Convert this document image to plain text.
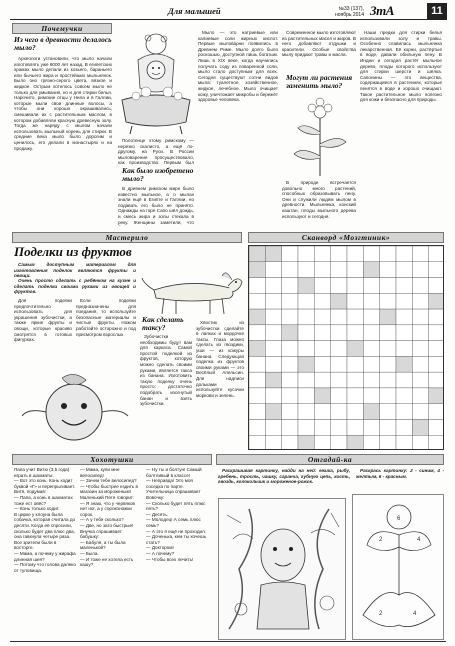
Для малышей	№33 (137), ноябрь 2014 ЗтА	11
Почемучки
Из чего в древности делалось мыло?

Археологи установили, что мыло начали изготовлять уже 6000 лет назад. В египетских храмах мыло делали из козьего, бараньего или бычьего жира и простейших мыльнянок. Было оно грязно-серого цвета, вязкое и жидкое. Острым хотелось совсем мыло не только для умывания, но и для стирки белья. Нарочито, римские отцы у Нила и в Галлии, которые мыли свои длинные волосы, а чтобы они хорошо окрашивались, смешивали их с растительным маслом, в котором добавляли красную древесную золу. Тогда же наряду с мылом начали использовать мыльный корень для стирки. В средние века мыло было дорогим и ценилось, его делали в монастырях и на продажу.

Полотенце этому римскому — нерезко скалисто, а ещё по-другому, на Руси. В России мыловарение просуществовало, как производство. Первым был

Как было изобретено мыло?

В древнем римском мире было известно мыльное, а о мылах знали ещё в Египте и Галлии, но подавать его было не принято. Однажды на горе Сапо шёл дождь, и смесь жира и золы стекала в реку. Женщины заметили, что

Мыло — это натриевые или калиевые соли жирных кислот. Первые мыловарни появились в Древнем Риме. Мыло долго было роскошью, доступной лишь богатым. Лишь в XIX веке, когда научились получать соду из поваренной соли, мыло стало доступным для всех. Сегодня существуют сотни видов мыла: туалетное, хозяйственное, жидкое, лечебное. Мыло очищает кожу, уничтожает микробы и бережёт здоровье человека.

Современное мыло изготовляют из растительных масел и жиров. В него добавляют отдушки и красители. Особые свойства мылу придают травы и масла.

Могут ли растения заменить мыло?

В природе встречается довольно много растений, способных образовывать пену. Они и служили людям мылом в древности. Мыльнянка, конский каштан, плоды мыльного дерева используют и сегодня.

Наши предки для стирки белья использовали золу и травы. Особенно славилась мыльнянка лекарственная. Её корни, растёртые в воде, давали обильную пену. В Индии и сегодня растёт мыльное дерево, плоды которого используют для стирки шерсти и шёлка. Сапонины — это вещества, содержащиеся в растениях, которые пенятся в воде и хорошо очищают. Такое растительное мыло полезно для кожи и безопасно для природы.

Мастерило
Поделки из фруктов

Самым доступным материалом для изготовления поделок являются фрукты и овощи.

Очень просто сделать с ребёнком на кухне и сделать поделки своими руками из овощей и фруктов.

Для поделки предпочтительно использовать для украшения зубочистки, а также яркие фрукты и овощи, которые красиво смотрятся в готовых фигурках.

Если поделки предназначены для поедания, то используйте безопасные материалы и чистые фрукты. Ножом работайте осторожно и под присмотром взрослых.

Как сделать таксу?

Зубочистки необходимы будут вам для каркаса. Самой простой поделкой из фруктов, которую можно сделать своими руками, является такса из банана. Изготовить такую поделку очень просто: достаточно подобрать изогнутый банан и взять зубочистки.

Хвостик из зубочистки сделайте в лапках и мордочке таксы. Глаза можно сделать из гвоздики, уши — из кожуры банана. Следующая поделка из фруктов своими руками — это Весёлый Апельсин. Для надписи дольками используйте кусочки моркови и зелень.

Сканворд «Мозгтиник»
Хохотушки
Папа учит Витю (3,5 года) играть в шахматы:
— Вот это конь. Конь ходит буквой «Г» и перепрыгивает.
Витя, подумав:
— Папа, а конь в шахматах тоже ест овёс?
— Конь только ходит.
В цирке у клоуна была собачка, которая считала до десяти. Когда её спросили, сколько будет два плюс два, она гавкнула четыре раза. Все зрители были в восторге.
— Мама, а почему у жирафа длинная шея?
— Потому что голова далеко от туловища.
— Мама, купи мне велосипед!
— Зачем тебе велосипед?
— Чтобы быстрее ездить в магазин за мороженым!
Маленький Петя говорит:
— Я знаю, что у червяков нет ног, а у сороконожки сорок.
— А у тебя сколько?
— Две, но зато быстрые!
Внучка спрашивает бабушку:
— Бабуля, а ты была маленькой?
— Была.
— И тоже не хотела есть кашу?
— Ну ты и болтун! Самый болтливый в классе!
— Неправда! Это моя соседка по парте.
Учительница спрашивает Вовочку:
— Сколько будет пять плюс пять?
— Десять.
— Молодец! А семь плюс семь?
— А это я ещё не проходил.
— Доченька, кем ты хочешь стать?
— Доктором!
— А почему?
— Чтобы всех лечить!
Отгадай-ка

Раскрашивая картинку, найди на ней: ежика, рыбу, гребень, трость, чашку, саранча, губную цепь, кость, гвоздь, колокольчик и мороженое-рожок.

Раскрась картинку: 2 - синим, 4 - желтым, 6 - красным.

2	4
6
2	4
